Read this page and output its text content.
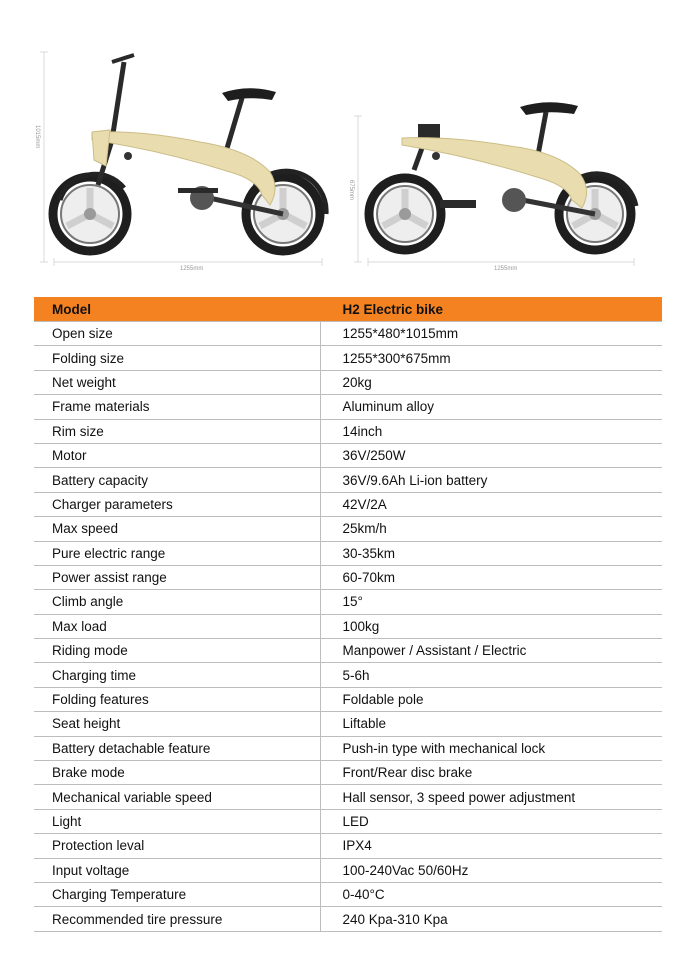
1015mm
1255mm
675mm
1255mm
Model	H2 Electric bike
Open size	1255*480*1015mm
Folding size	1255*300*675mm
Net weight	20kg
Frame materials	Aluminum alloy
Rim size	14inch
Motor	36V/250W
Battery capacity	36V/9.6Ah Li-ion battery
Charger parameters	42V/2A
Max speed	25km/h
Pure electric range	30-35km
Power assist range	60-70km
Climb angle	15°
Max load	100kg
Riding mode	Manpower / Assistant / Electric
Charging time	5-6h
Folding features	Foldable pole
Seat height	Liftable
Battery detachable feature	Push-in type with mechanical lock
Brake mode	Front/Rear disc brake
Mechanical variable speed	Hall sensor, 3 speed power adjustment
Light	LED
Protection leval	IPX4
Input voltage	100-240Vac 50/60Hz
Charging Temperature	0-40°C
Recommended tire pressure	240 Kpa-310 Kpa
